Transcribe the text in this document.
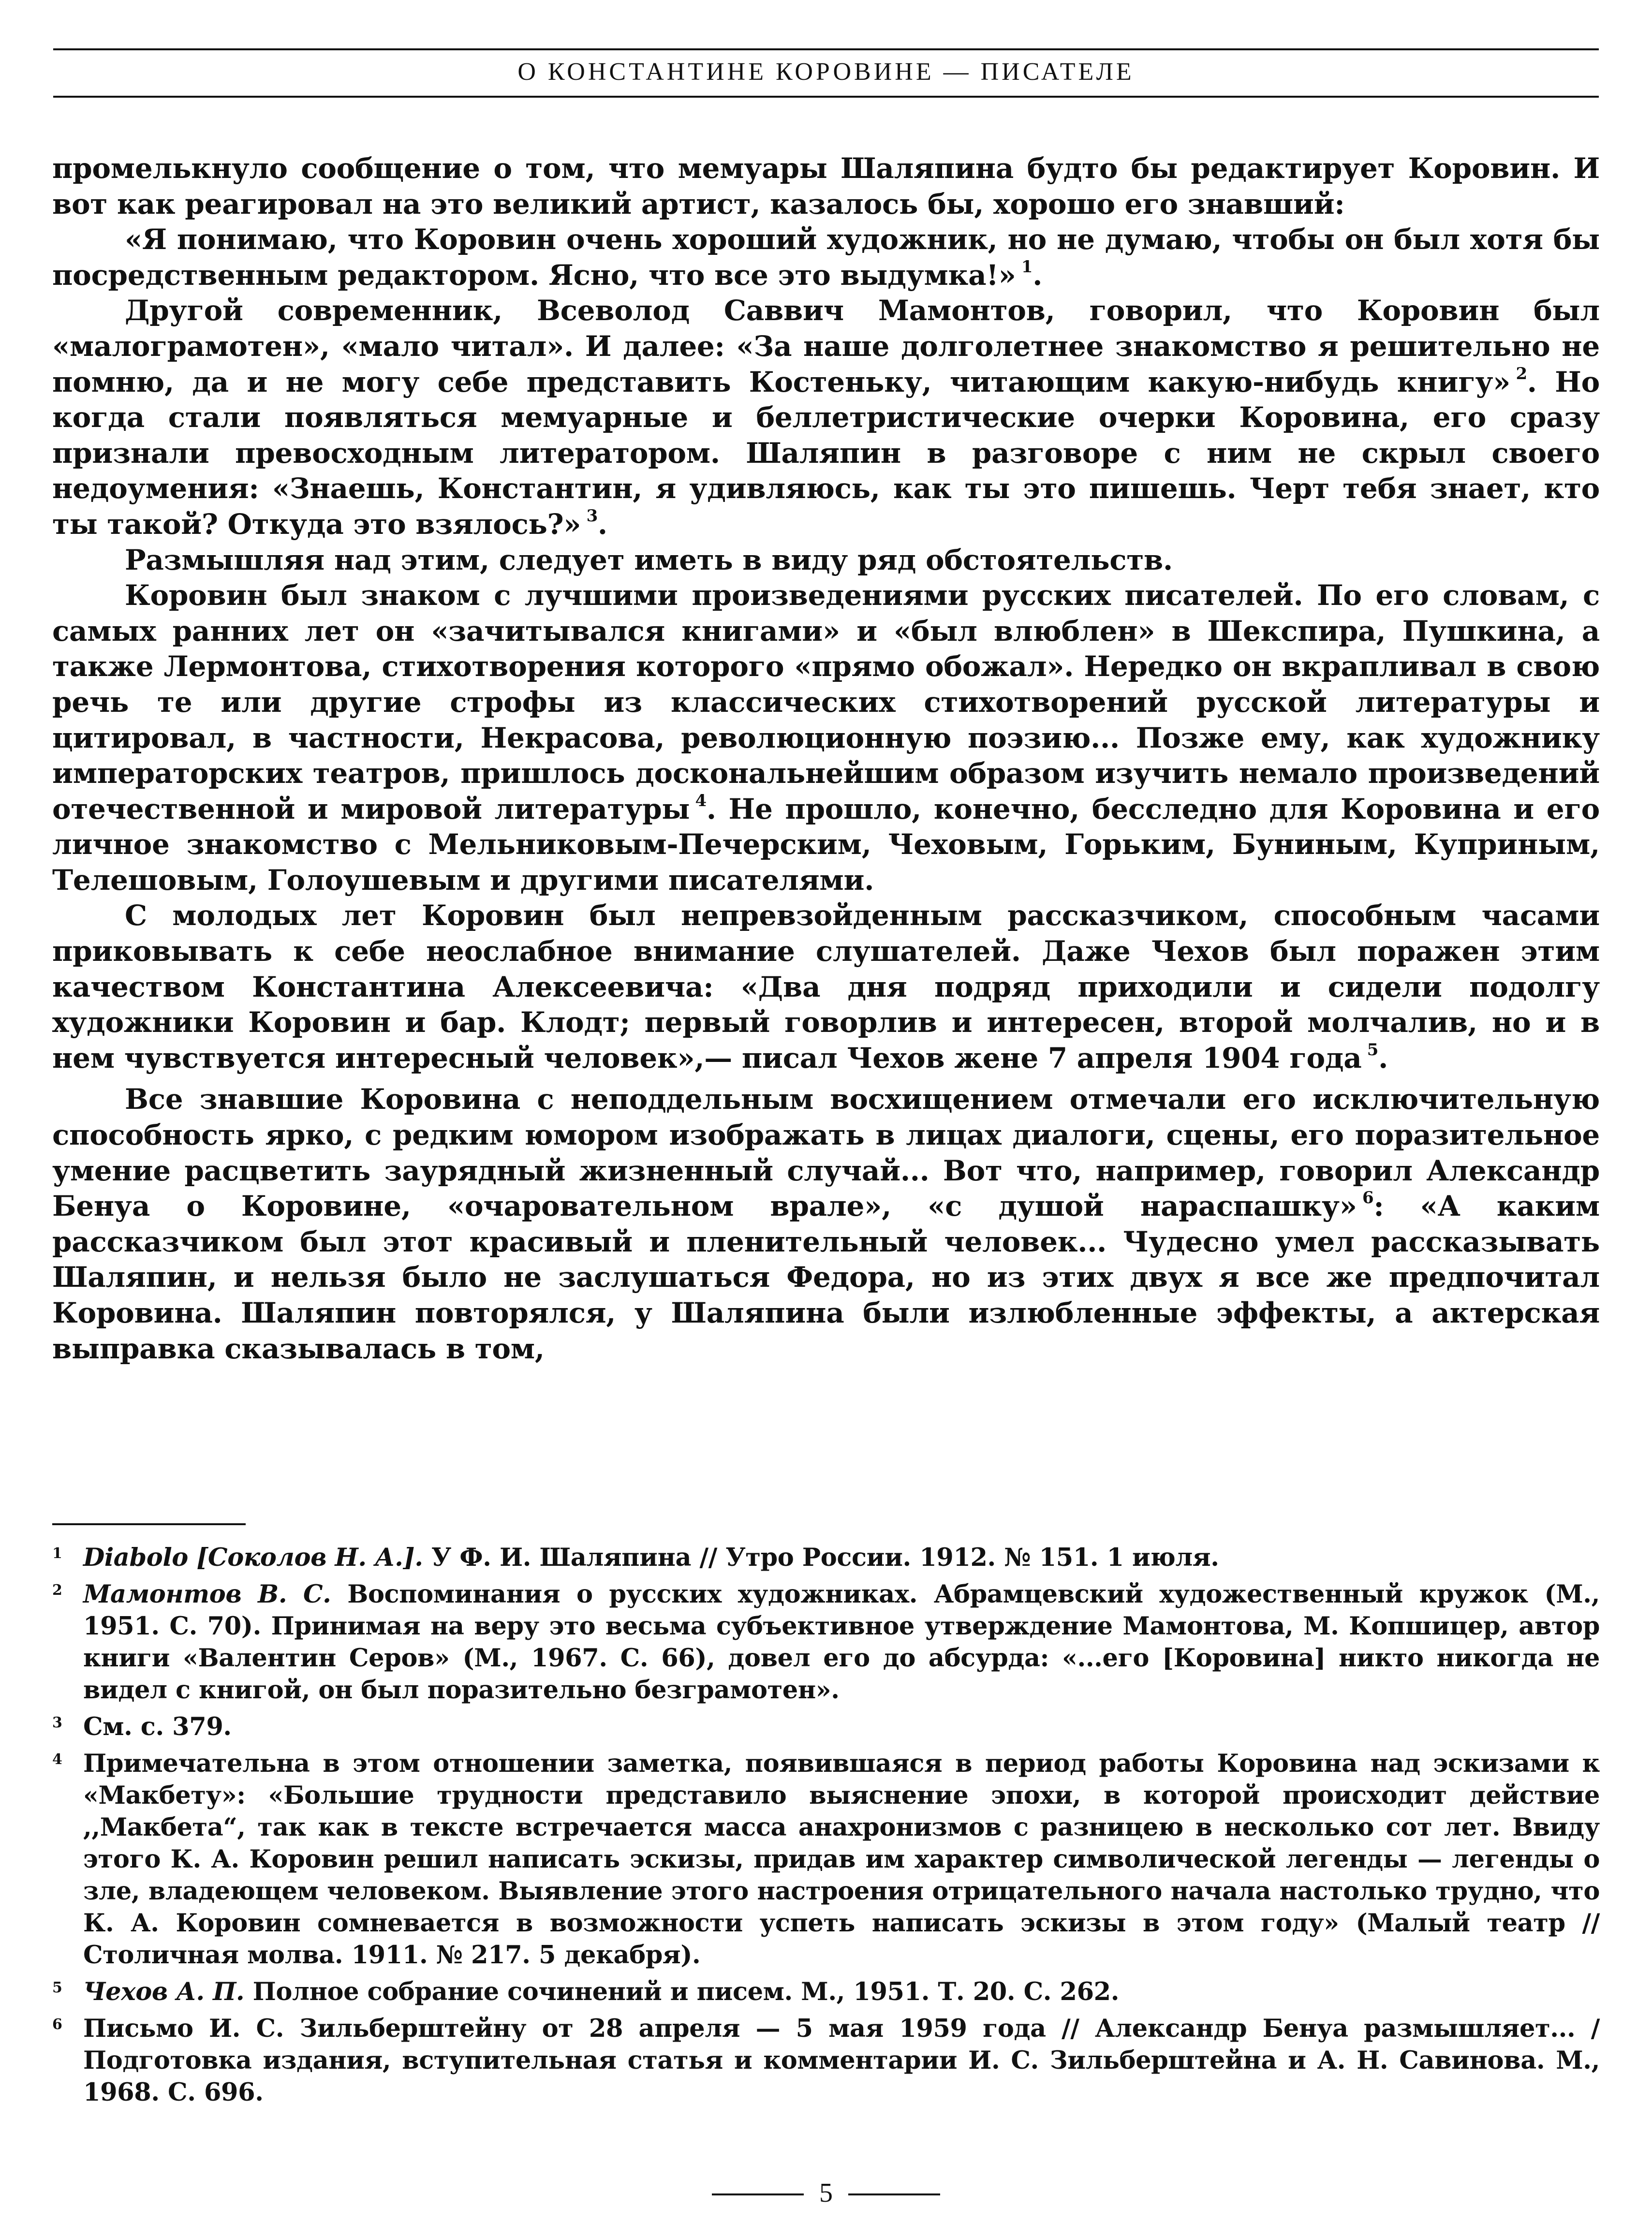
О КОНСТАНТИНЕ КОРОВИНЕ — ПИСАТЕЛЕ

промелькнуло сообщение о том, что мемуары Шаляпина будто бы редактирует Коровин. И вот как реагировал на это великий артист, казалось бы, хорошо его знавший:

«Я понимаю, что Коровин очень хороший художник, но не думаю, чтобы он был хотя бы посредственным редактором. Ясно, что все это выдумка!»  $^1$.

Другой современник, Всеволод Саввич Мамонтов, говорил, что Коровин был «малограмотен», «мало читал». И далее: «За наше долголетнее знакомство я решительно не помню, да и не могу себе представить Костеньку, читающим какую-нибудь книгу»  $^2$. Но когда стали появляться мемуарные и беллетристические очерки Коровина, его сразу признали превосходным литератором. Шаляпин в разговоре с ним не скрыл своего недоумения: «Знаешь, Константин, я удивляюсь, как ты это пишешь. Черт тебя знает, кто ты такой? Откуда это взялось?»  $^3$.

Размышляя над этим, следует иметь в виду ряд обстоятельств.

Коровин был знаком с лучшими произведениями русских писателей. По его словам, с самых ранних лет он «зачитывался книгами» и «был влюблен» в Шекспира, Пушкина, а также Лермонтова, стихотворения которого «прямо обожал». Нередко он вкрапливал в свою речь те или другие строфы из классических стихотворений русской литературы и цитировал, в частности, Некрасова, революционную поэзию... Позже ему, как художнику императорских театров, пришлось доскональнейшим образом изучить немало произведений отечественной и мировой литературы  $^4$. Не прошло, конечно, бесследно для Коровина и его личное знакомство с Мельниковым-Печерским, Чеховым, Горьким, Буниным, Куприным, Телешовым, Голоушевым и другими писателями.

С молодых лет Коровин был непревзойденным рассказчиком, способным часами приковывать к себе неослабное внимание слушателей. Даже Чехов был поражен этим качеством Константина Алексеевича: «Два дня подряд приходили и сидели подолгу художники Коровин и бар. Клодт; первый говорлив и интересен, второй молчалив, но и в нем чувствуется интересный человек»,— писал Чехов жене 7 апреля 1904 года  $^5$.

Все знавшие Коровина с неподдельным восхищением отмечали его исключительную способность ярко, с редким юмором изображать в лицах диалоги, сцены, его поразительное умение расцветить заурядный жизненный случай... Вот что, например, говорил Александр Бенуа о Коровине, «очаровательном врале», «с душой нараспашку»  $^6$: «А каким рассказчиком был этот красивый и пленительный человек... Чудесно умел рассказывать Шаляпин, и нельзя было не заслушаться Федора, но из этих двух я все же предпочитал Коровина. Шаляпин повторялся, у Шаляпина были излюбленные эффекты, а актерская выправка сказывалась в том,

1 Diabolo [Соколов Н. А.]. У Ф. И. Шаляпина // Утро России. 1912. № 151. 1 июля.
2 Мамонтов В. С. Воспоминания о русских художниках. Абрамцевский художественный кружок (М., 1951. С. 70). Принимая на веру это весьма субъективное утверждение Мамонтова, М. Копшицер, автор книги «Валентин Серов» (М., 1967. С. 66), довел его до абсурда: «...его [Коровина] никто никогда не видел с книгой, он был поразительно безграмотен».
3 См. с. 379.
4 Примечательна в этом отношении заметка, появившаяся в период работы Коровина над эскизами к «Макбету»: «Большие трудности представило выяснение эпохи, в которой происходит действие ,,Макбета“, так как в тексте встречается масса анахронизмов с разницею в несколько сот лет. Ввиду этого К. А. Коровин решил написать эскизы, придав им характер символической легенды — легенды о зле, владеющем человеком. Выявление этого настроения отрицательного начала настолько трудно, что К. А. Коровин сомневается в возможности успеть написать эскизы в этом году» (Малый театр // Столичная молва. 1911. № 217. 5 декабря).
5 Чехов А. П. Полное собрание сочинений и писем. М., 1951. Т. 20. С. 262.
6 Письмо И. С. Зильберштейну от 28 апреля — 5 мая 1959 года // Александр Бенуа размышляет... / Подготовка издания, вступительная статья и комментарии И. С. Зильберштейна и А. Н. Савинова. М., 1968. С. 696.
5
